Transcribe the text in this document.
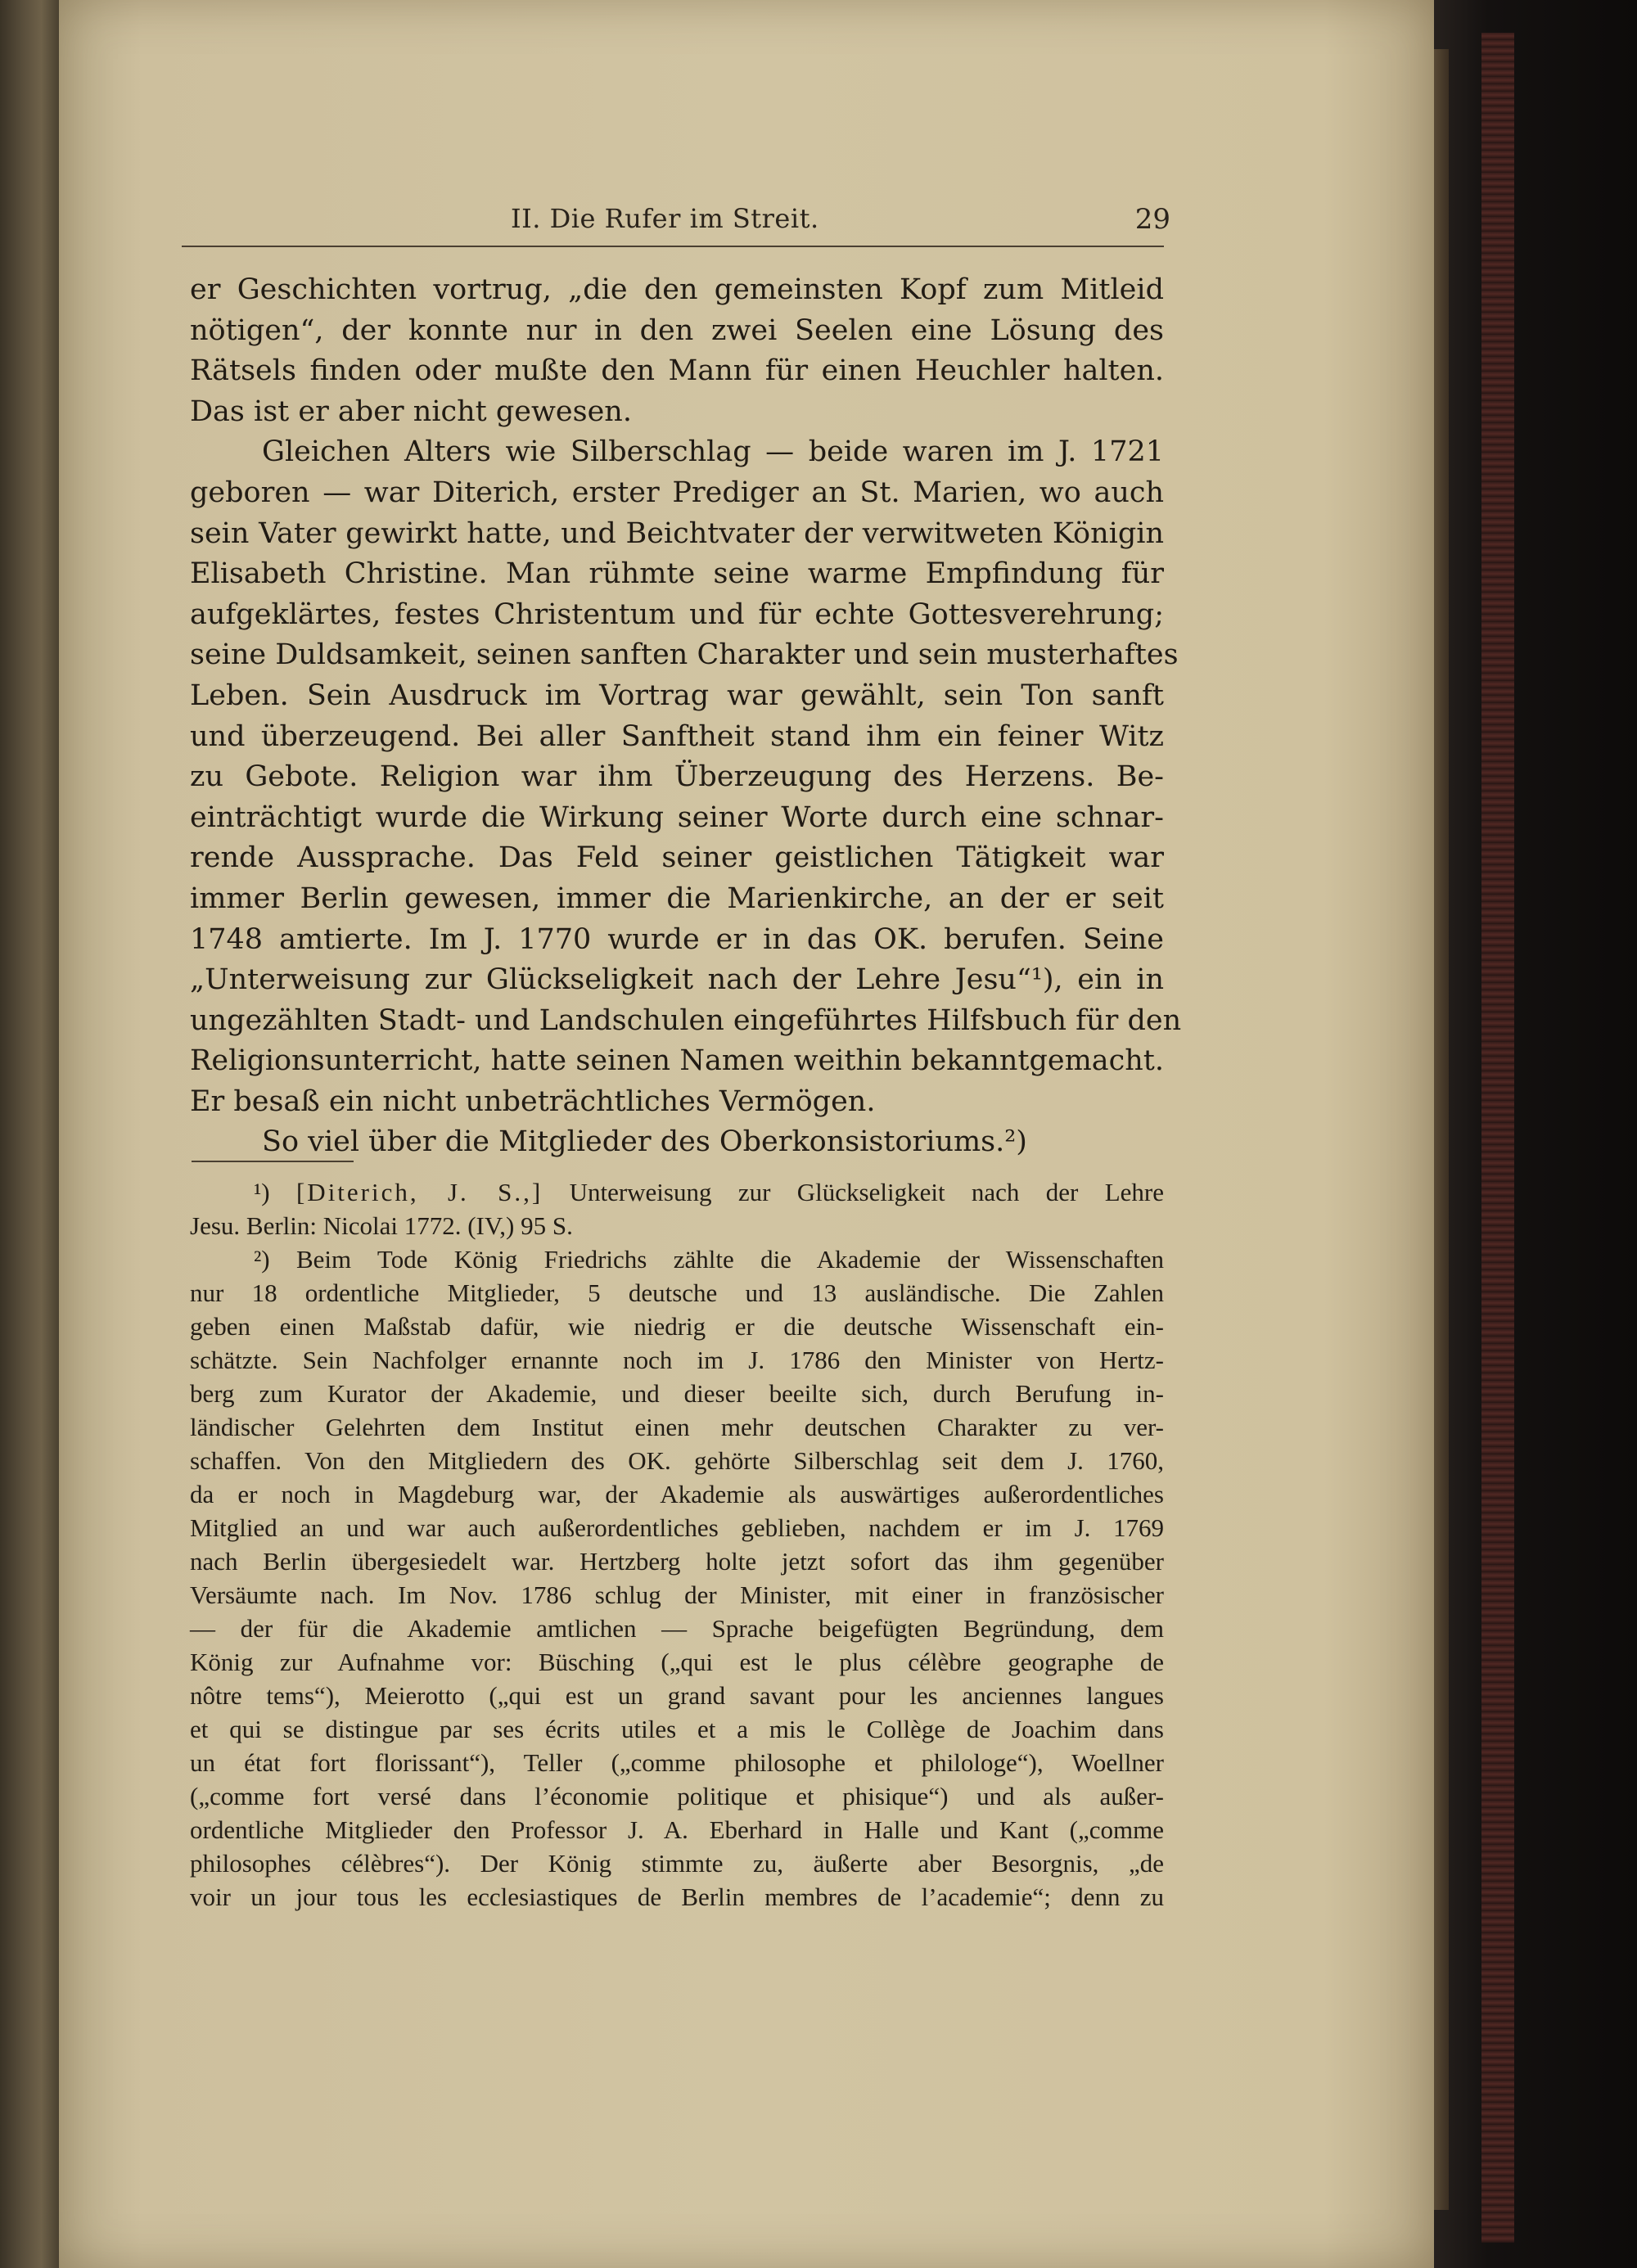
II. Die Rufer im Streit.	29
er Geschichten vortrug, „die den gemeinsten Kopf zum Mitleid
nötigen“, der konnte nur in den zwei Seelen eine Lösung des
Rätsels finden oder mußte den Mann für einen Heuchler halten.
Das ist er aber nicht gewesen.
Gleichen Alters wie Silberschlag — beide waren im J. 1721
geboren — war Diterich, erster Prediger an St. Marien, wo auch
sein Vater gewirkt hatte, und Beichtvater der verwitweten Königin
Elisabeth Christine. Man rühmte seine warme Empfindung für
aufgeklärtes, festes Christentum und für echte Gottesverehrung;
seine Duldsamkeit, seinen sanften Charakter und sein musterhaftes
Leben. Sein Ausdruck im Vortrag war gewählt, sein Ton sanft
und überzeugend. Bei aller Sanftheit stand ihm ein feiner Witz
zu Gebote. Religion war ihm Überzeugung des Herzens. Be-
einträchtigt wurde die Wirkung seiner Worte durch eine schnar-
rende Aussprache. Das Feld seiner geistlichen Tätigkeit war
immer Berlin gewesen, immer die Marienkirche, an der er seit
1748 amtierte. Im J. 1770 wurde er in das OK. berufen. Seine
„Unterweisung zur Glückseligkeit nach der Lehre Jesu“¹), ein in
ungezählten Stadt- und Landschulen eingeführtes Hilfsbuch für den
Religionsunterricht, hatte seinen Namen weithin bekanntgemacht.
Er besaß ein nicht unbeträchtliches Vermögen.
So viel über die Mitglieder des Oberkonsistoriums.²)
¹) [Diterich, J. S.,] Unterweisung zur Glückseligkeit nach der Lehre
Jesu. Berlin: Nicolai 1772. (IV,) 95 S.
²) Beim Tode König Friedrichs zählte die Akademie der Wissenschaften
nur 18 ordentliche Mitglieder, 5 deutsche und 13 ausländische. Die Zahlen
geben einen Maßstab dafür, wie niedrig er die deutsche Wissenschaft ein-
schätzte. Sein Nachfolger ernannte noch im J. 1786 den Minister von Hertz-
berg zum Kurator der Akademie, und dieser beeilte sich, durch Berufung in-
ländischer Gelehrten dem Institut einen mehr deutschen Charakter zu ver-
schaffen. Von den Mitgliedern des OK. gehörte Silberschlag seit dem J. 1760,
da er noch in Magdeburg war, der Akademie als auswärtiges außerordentliches
Mitglied an und war auch außerordentliches geblieben, nachdem er im J. 1769
nach Berlin übergesiedelt war. Hertzberg holte jetzt sofort das ihm gegenüber
Versäumte nach. Im Nov. 1786 schlug der Minister, mit einer in französischer
— der für die Akademie amtlichen — Sprache beigefügten Begründung, dem
König zur Aufnahme vor: Büsching („qui est le plus célèbre geographe de
nôtre tems“), Meierotto („qui est un grand savant pour les anciennes langues
et qui se distingue par ses écrits utiles et a mis le Collège de Joachim dans
un état fort florissant“), Teller („comme philosophe et philologe“), Woellner
(„comme fort versé dans l’économie politique et phisique“) und als außer-
ordentliche Mitglieder den Professor J. A. Eberhard in Halle und Kant („comme
philosophes célèbres“). Der König stimmte zu, äußerte aber Besorgnis, „de
voir un jour tous les ecclesiastiques de Berlin membres de l’academie“; denn zu
